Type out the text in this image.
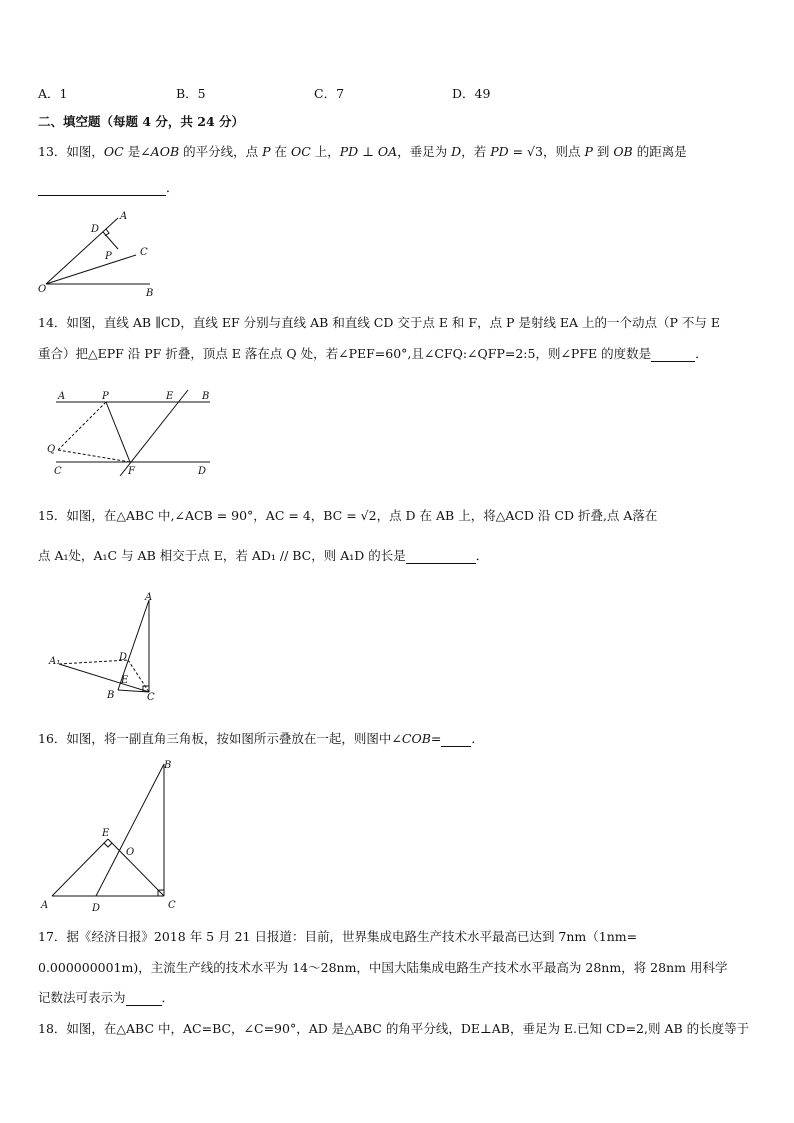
A．1	B．5	C．7	D．49
二、填空题（每题 4 分，共 24 分）
13．如图，OC 是∠AOB 的平分线，点 P 在 OC 上，PD ⊥ OA，垂足为 D，若 PD = √3，则点 P 到 OB 的距离是
．
A
D
C
P
O	B
14．如图，直线 AB ∥CD，直线 EF 分别与直线 AB 和直线 CD 交于点 E 和 F，点 P 是射线 EA 上的一个动点（P 不与 E
重合）把△EPF 沿 PF 折叠，顶点 E 落在点 Q 处，若∠PEF=60°,且∠CFQ:∠QFP=2:5，则∠PFE 的度数是	．
A	P	E	B
Q
C	F	D
15．如图，在△ABC 中,∠ACB = 90°，AC = 4，BC = √2，点 D 在 AB 上，将△ACD 沿 CD 折叠,点 A落在
点 A₁处，A₁C 与 AB 相交于点 E，若 AD₁ // BC，则 A₁D 的长是	．
A
A₁	D
E
B	C
16．如图，将一副直角三角板，按如图所示叠放在一起，则图中∠COB= ．
B
E
O
A	D	C
17．据《经济日报》2018 年 5 月 21 日报道：目前，世界集成电路生产技术水平最高已达到 7nm（1nm=
0.000000001m)，主流生产线的技术水平为 14～28nm，中国大陆集成电路生产技术水平最高为 28nm，将 28nm 用科学
记数法可表示为	．
18．如图，在△ABC 中，AC=BC，∠C=90°，AD 是△ABC 的角平分线，DE⊥AB，垂足为 E.已知 CD=2,则 AB 的长度等于
